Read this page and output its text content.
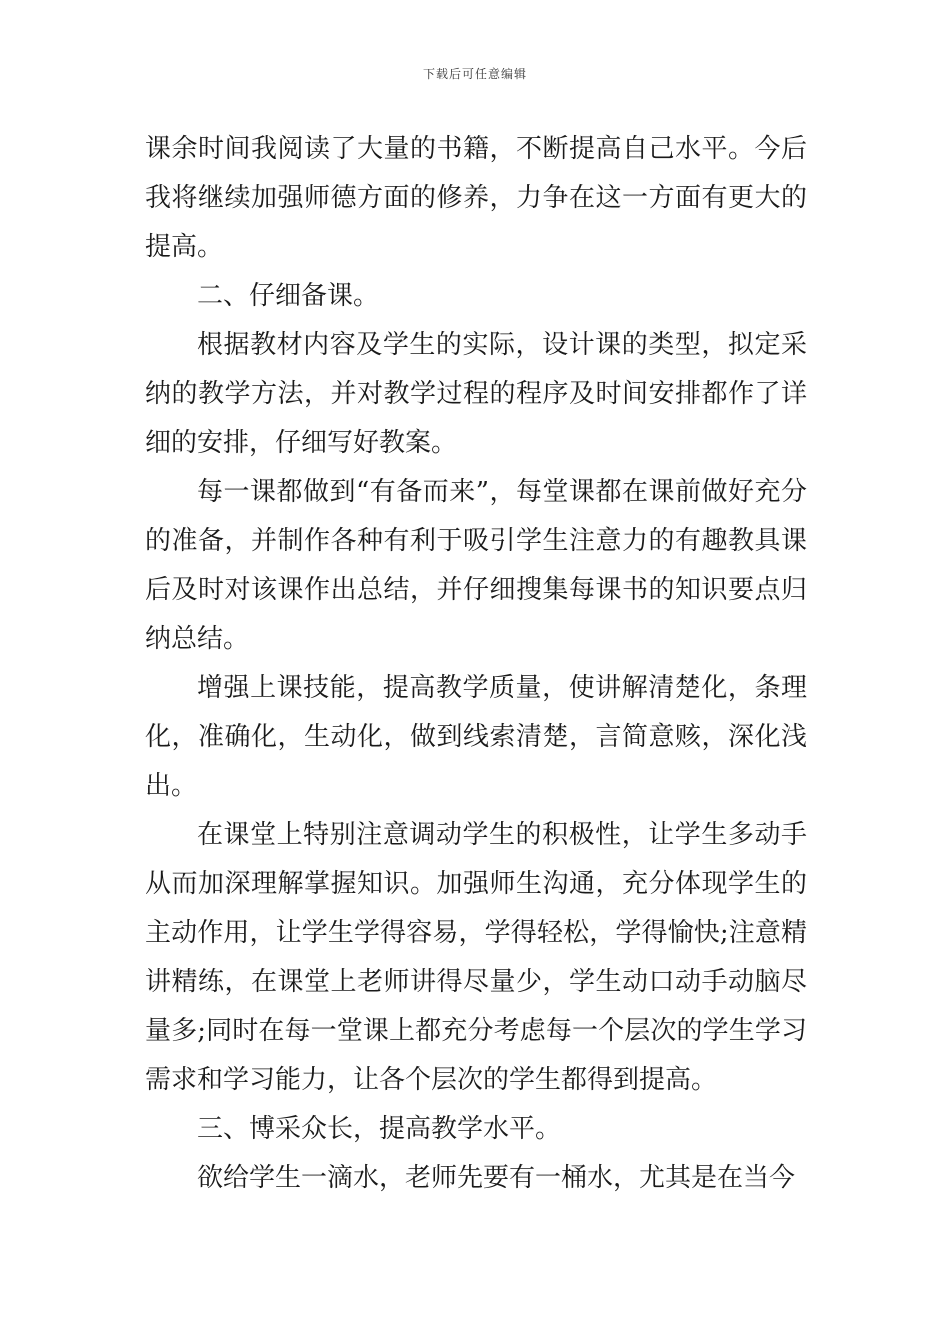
下载后可任意编辑

课余时间我阅读了大量的书籍，不断提高自己水平。今后我将继续加强师德方面的修养，力争在这一方面有更大的提高。

二、仔细备课。

根据教材内容及学生的实际，设计课的类型，拟定采纳的教学方法，并对教学过程的程序及时间安排都作了详细的安排，仔细写好教案。

每一课都做到“有备而来”，每堂课都在课前做好充分的准备，并制作各种有利于吸引学生注意力的有趣教具课后及时对该课作出总结，并仔细搜集每课书的知识要点归纳总结。

增强上课技能，提高教学质量，使讲解清楚化，条理化，准确化，生动化，做到线索清楚，言简意赅，深化浅出。

在课堂上特别注意调动学生的积极性，让学生多动手从而加深理解掌握知识。加强师生沟通，充分体现学生的主动作用，让学生学得容易，学得轻松，学得愉快;注意精讲精练，在课堂上老师讲得尽量少，学生动口动手动脑尽量多;同时在每一堂课上都充分考虑每一个层次的学生学习需求和学习能力，让各个层次的学生都得到提高。

三、博采众长，提高教学水平。

欲给学生一滴水，老师先要有一桶水，尤其是在当今
